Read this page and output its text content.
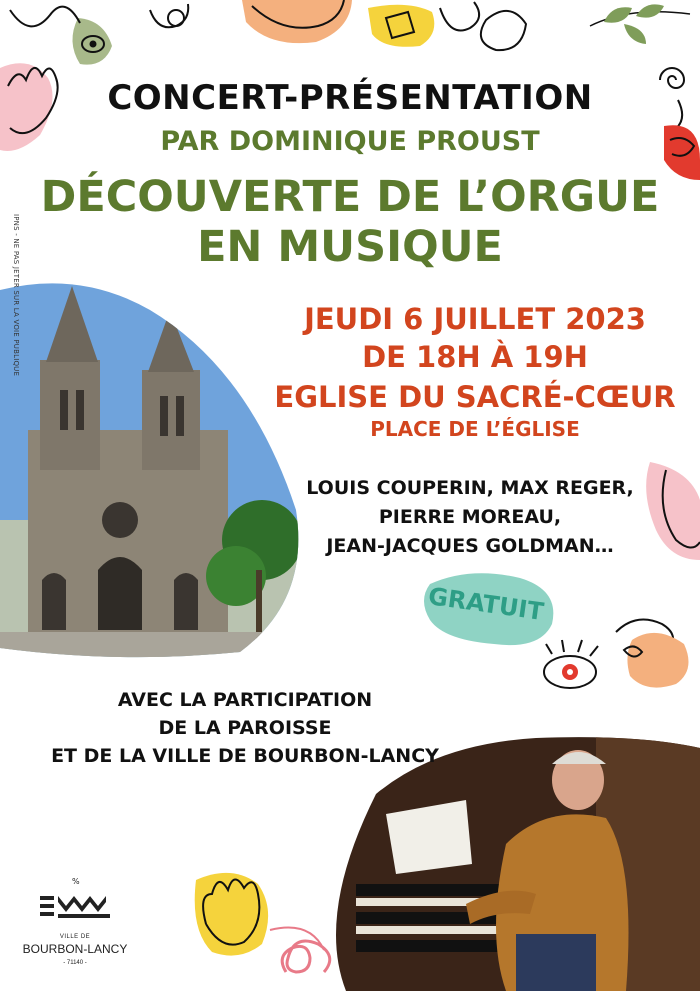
IPNS - NE PAS JETER SUR LA VOIE PUBLIQUE
CONCERT-PRÉSENTATION
PAR DOMINIQUE PROUST
DÉCOUVERTE DE L’ORGUE
EN MUSIQUE
JEUDI 6 JUILLET 2023
DE 18H À 19H
EGLISE DU SACRÉ-CŒUR
PLACE DE L’ÉGLISE
LOUIS COUPERIN, MAX REGER,
PIERRE MOREAU,
JEAN-JACQUES GOLDMAN…
GRATUIT
AVEC LA PARTICIPATION
DE LA PAROISSE
ET DE LA VILLE DE BOURBON-LANCY
%
VILLE DE
BOURBON-LANCY
- 71140 -
